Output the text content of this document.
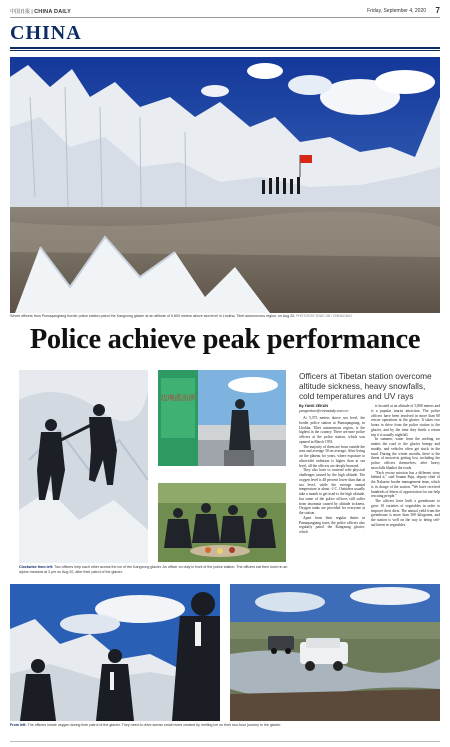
中国日报 | CHINA DAILY	Friday, September 4, 2020 7
CHINA
Seven officers from Pumaqangtang border police station patrol the Kangxung glacier at an altitude of 5,800 meters above sea level in Lhokha, Tibet autonomous region, on Aug 20. PHOTOS BY ZHAO JIN / CHINA DAILY
Police achieve peak performance
边境派出所
Officers at Tibetan station overcome altitude sickness, heavy snowfalls, cold temperatures and UV rays
By YANG ZEKUN
yangzekun@chinadaily.com.cn

At 5,373 meters above sea level, the border police station at Pumaqangtang, in Lhokha, Tibet autonomous region, is the highest in the country. There are nine police officers at the police station, which was opened in March 1953.

The majority of them are from outside the area and average 30 on average. After living on the plateau for years, where exposure to ultraviolet radiation is higher than at sea level, all the officers are deeply bronzed.

They also have to contend with physical challenges caused by the high altitude. The oxygen level is 48 percent lower than that at sea level, while the average annual temperature is about -2 C. Outsiders usually take a month to get used to the high altitude, but some of the police officers still suffer from insomnia caused by altitude sickness. Oxygen tanks are provided for everyone at the station.

Apart from their regular duties in Pumaqangtang town, the police officers also regularly patrol the Kangxung glacier, which

is located at an altitude of 5,800 meters and is a popular tourist attraction. The police officers have been involved in more than 60 rescue operations at the glacier. It takes two hours to drive from the police station to the glacier, and by the time they finish a return trip it is usually nightfall.

In summer, water from the melting ice makes the road to the glacier bumpy and muddy, and vehicles often get stuck in the mud. During the winter months, there is the threat of motorists getting lost, including the police officers themselves, after heavy snowfalls blanket the roads.

"Each rescue mission has a different story behind it," said Sonam Puju, deputy chief of the Nakartse border management team, which is in charge of the station. "We have received hundreds of letters of appreciation for our help rescuing people."

The officers have built a greenhouse to grow 10 varieties of vegetables in order to improve their diets. The annual yield from the greenhouse is more than 500 kilograms, and the station is well on the way to being self-sufficient in vegetables.

Clockwise from left: Two officers help each other across the ice of the Kangxung glacier. An officer on duty in front of the police station. The officers eat their lunch in an alpine meadow at 3 pm on Aug 20, after their patrol of the glacier.
From left: The officers inhale oxygen during their patrol of the glacier. They need to drive across small rivers created by melting ice on their two-hour journey to the glacier.
